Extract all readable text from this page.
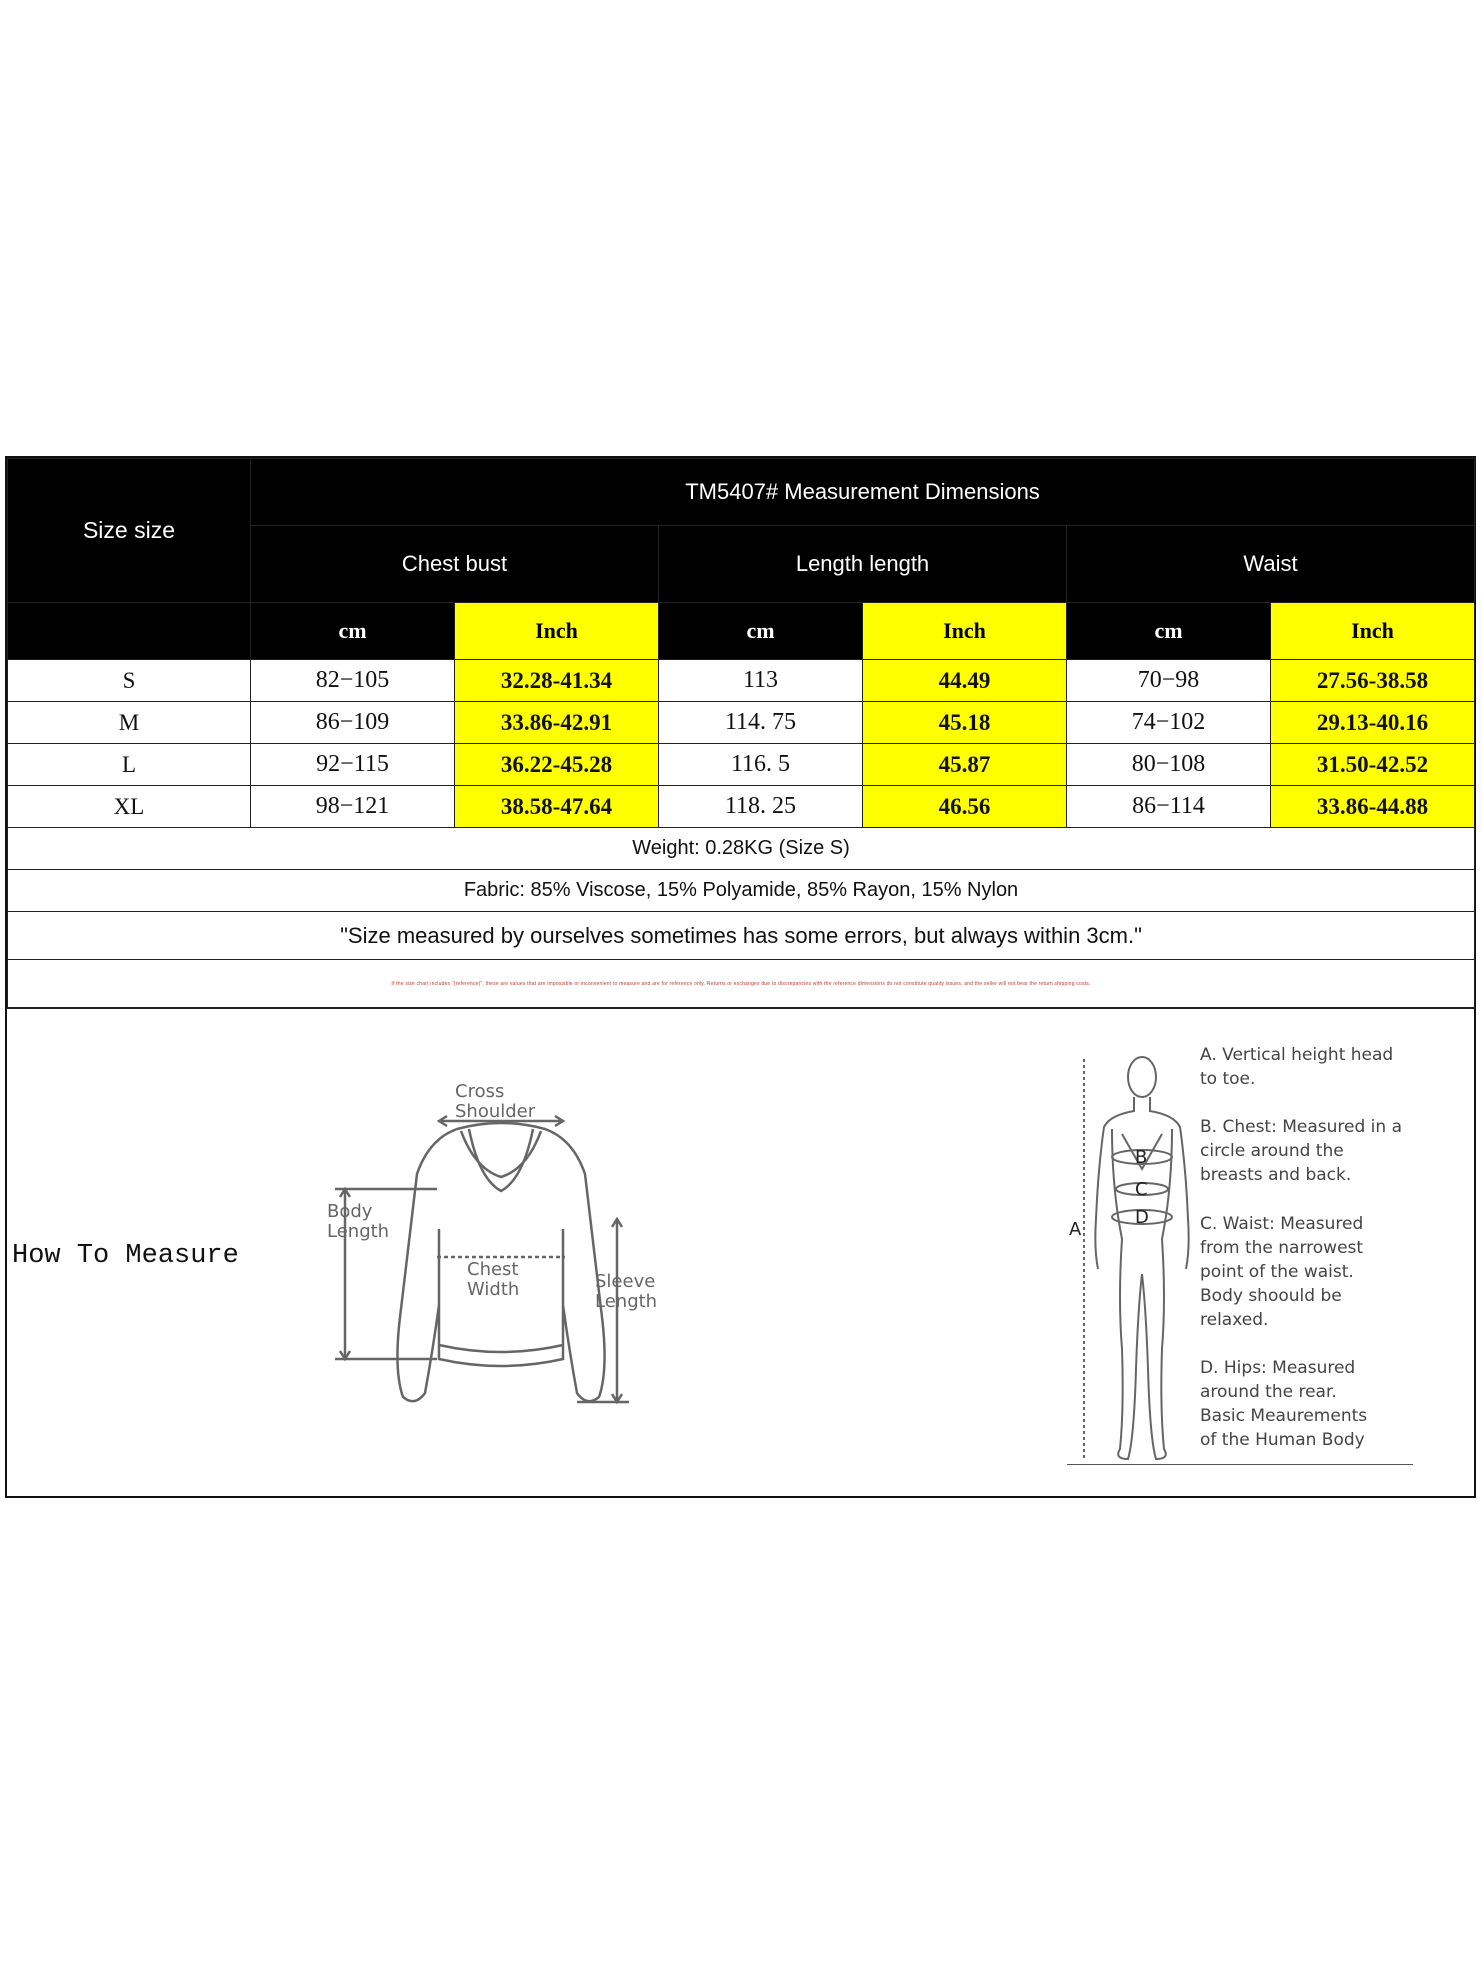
Size size	TM5407# Measurement Dimensions					
	Chest bust		Length length		Waist	
	cm	Inch	cm	Inch	cm	Inch
S	82−105	32.28-41.34	113	44.49	70−98	27.56-38.58
M	86−109	33.86-42.91	114. 75	45.18	74−102	29.13-40.16
L	92−115	36.22-45.28	116. 5	45.87	80−108	31.50-42.52
XL	98−121	38.58-47.64	118. 25	46.56	86−114	33.86-44.88
Weight: 0.28KG (Size S)						
Fabric: 85% Viscose, 15% Polyamide, 85% Rayon, 15% Nylon						
"Size measured by ourselves sometimes has some errors, but always within 3cm."						
If the size chart includes "(reference)", these are values that are impossible or inconvenient to measure and are for reference only. Returns or exchanges due to discrepancies with the reference dimensions do not constitute quality issues, and the seller will not bear the return shipping costs.						
How To Measure
Cross
Shoulder
Body
Length
Chest
Width	Sleeve
Length
B
C
D
A
A. Vertical height head
to toe.
B. Chest: Measured in a
circle around the
breasts and back.
C. Waist: Measured
from the narrowest
point of the waist.
Body shoould be
relaxed.
D. Hips: Measured
around the rear.
Basic Meaurements
of the Human Body
